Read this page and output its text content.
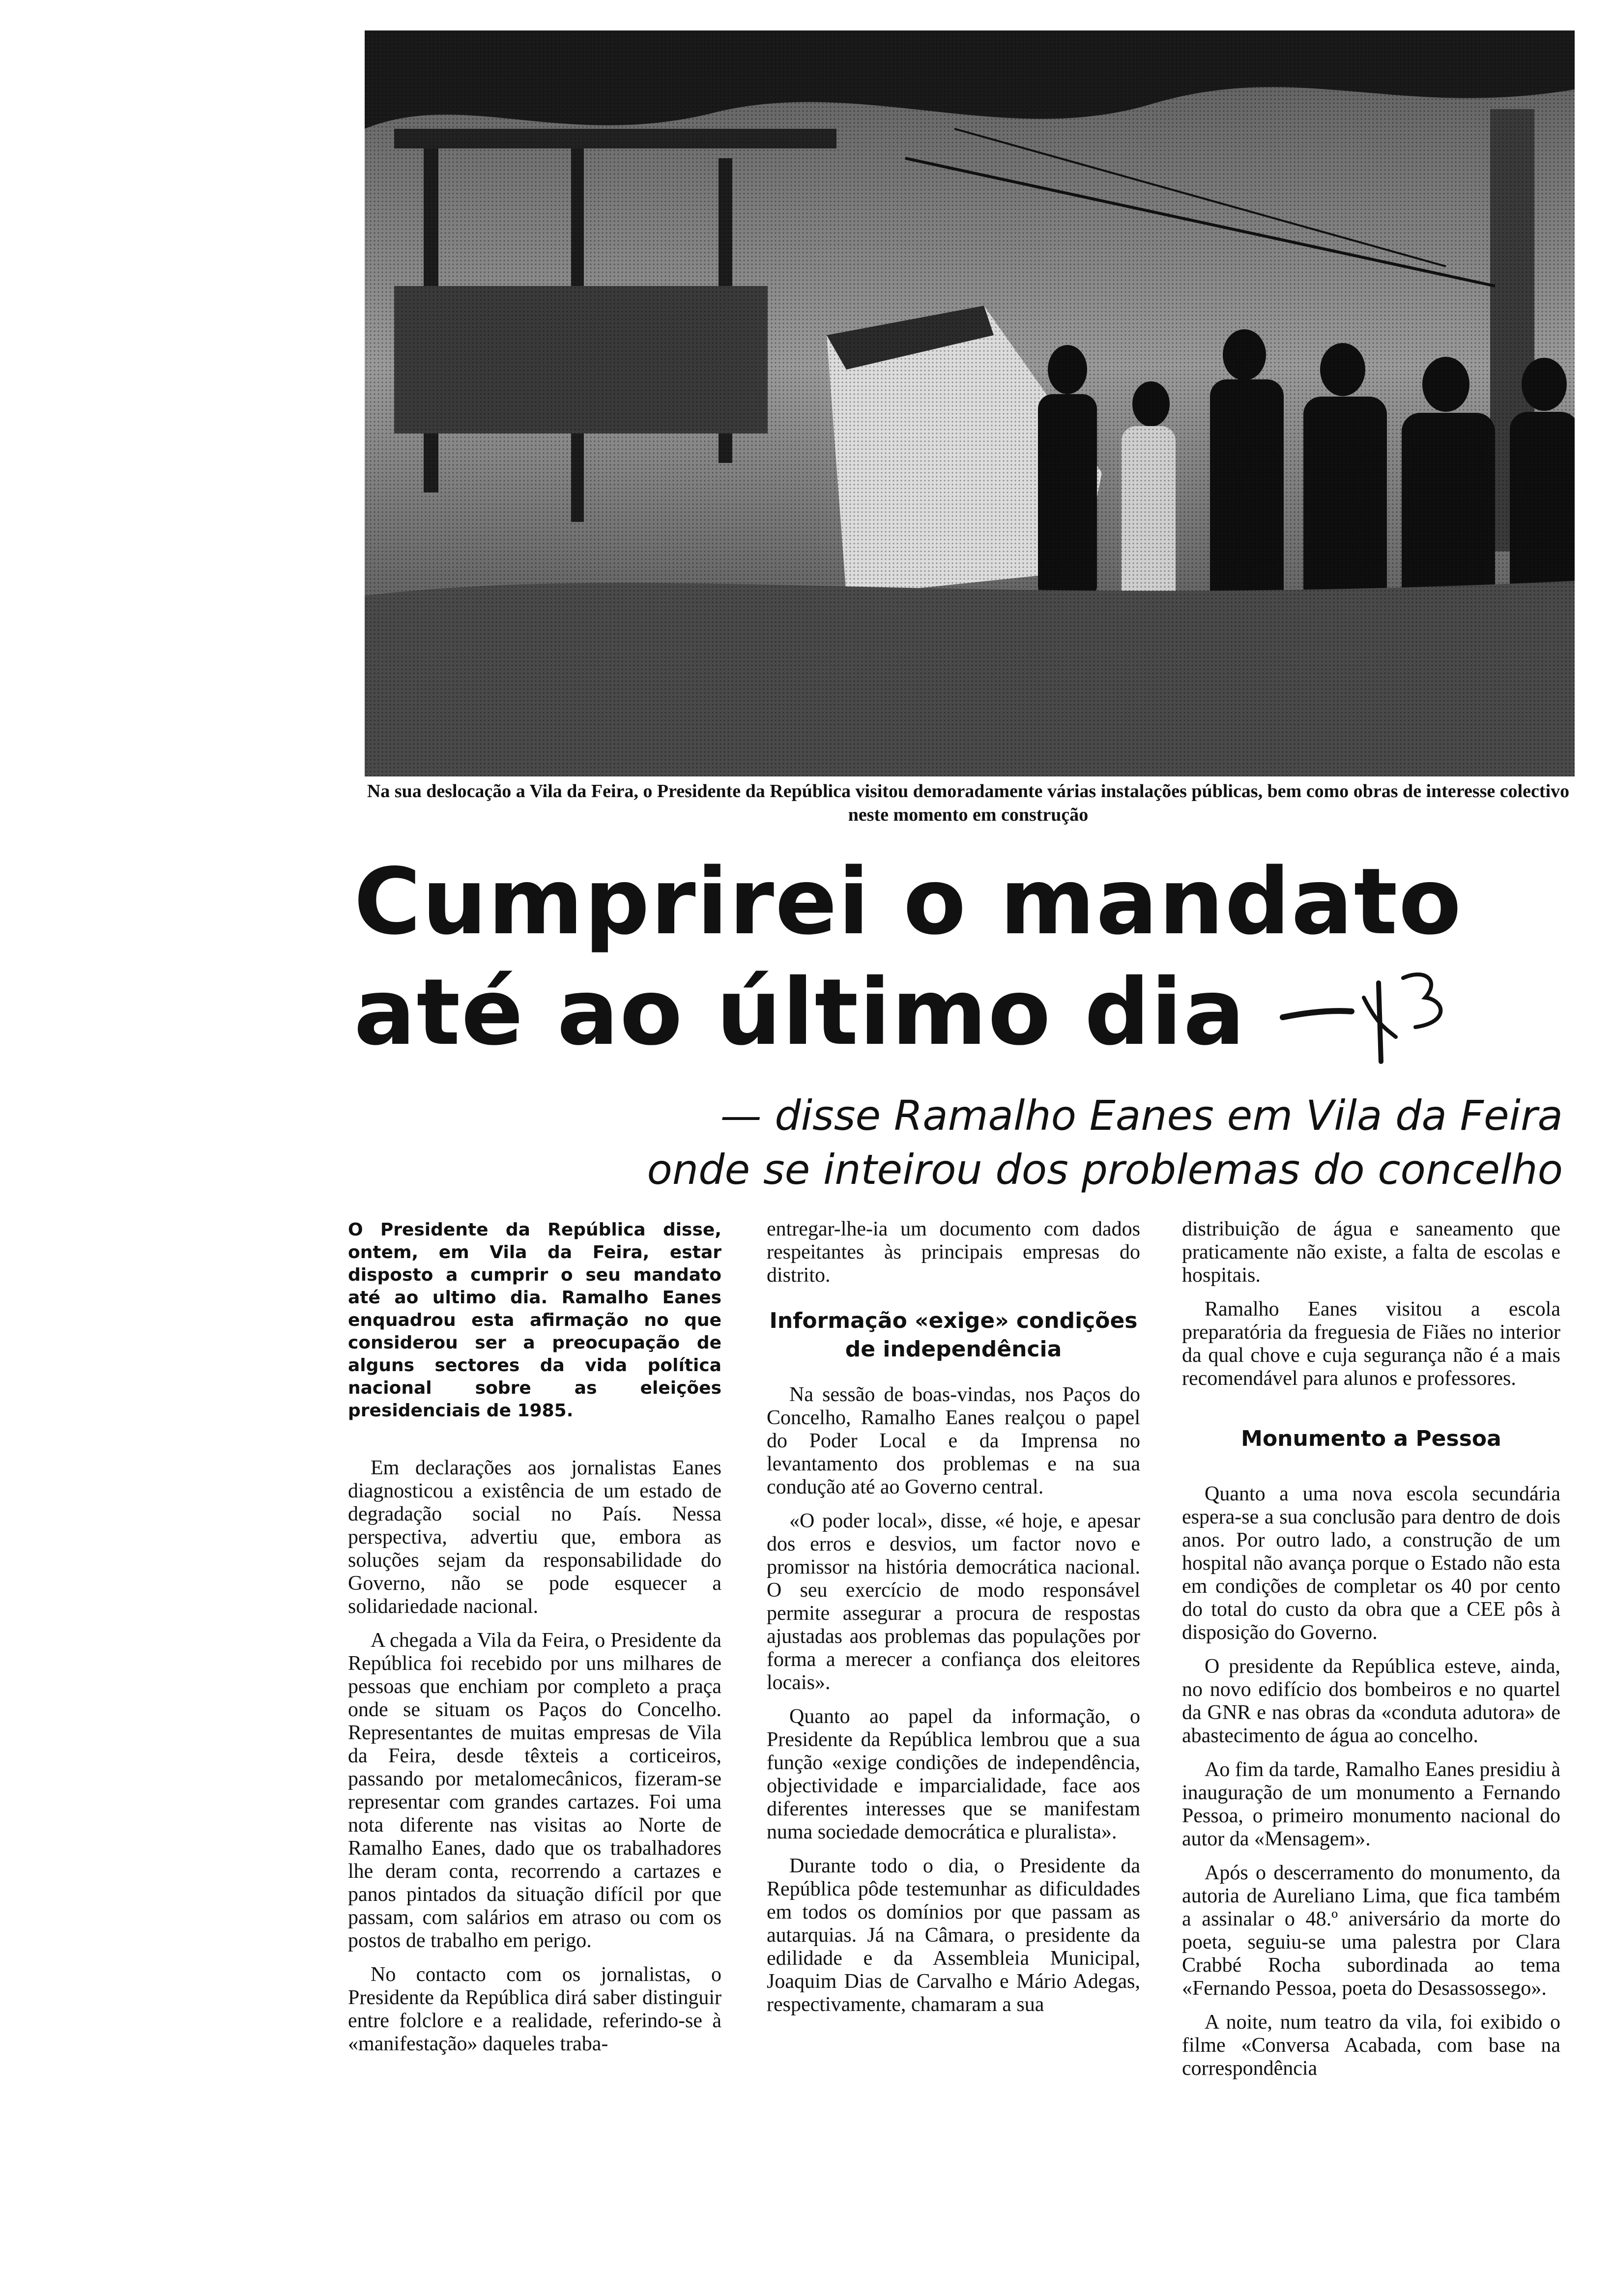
Na sua deslocação a Vila da Feira, o Presidente da República visitou demoradamente várias instalações públicas, bem como obras de interesse colectivo neste momento em construção
Cumprirei o mandato
até ao último dia
— disse Ramalho Eanes em Vila da Feira
onde se inteirou dos problemas do concelho
O Presidente da República disse, ontem, em Vila da Feira, estar disposto a cumprir o seu mandato até ao ultimo dia. Ramalho Eanes enquadrou esta afirmação no que considerou ser a preocupação de alguns sectores da vida política nacional sobre as eleições presidenciais de 1985.

Em declarações aos jornalistas Eanes diagnosticou a existência de um estado de degradação social no País. Nessa perspectiva, advertiu que, embora as soluções sejam da responsabilidade do Governo, não se pode esquecer a solidariedade nacional.

A chegada a Vila da Feira, o Presidente da República foi recebido por uns milhares de pessoas que enchiam por completo a praça onde se situam os Paços do Concelho. Representantes de muitas empresas de Vila da Feira, desde têxteis a corticeiros, passando por metalomecânicos, fizeram-se representar com grandes cartazes. Foi uma nota diferente nas visitas ao Norte de Ramalho Eanes, dado que os trabalhadores lhe deram conta, recorrendo a cartazes e panos pintados da situação difícil por que passam, com salários em atraso ou com os postos de trabalho em perigo.

No contacto com os jornalistas, o Presidente da República dirá saber distinguir entre folclore e a realidade, referindo-se à «manifestação» daqueles traba-

entregar-lhe-ia um documento com dados respeitantes às principais empresas do distrito.

Informação «exige» condições de independência

Na sessão de boas-vindas, nos Paços do Concelho, Ramalho Eanes realçou o papel do Poder Local e da Imprensa no levantamento dos problemas e na sua condução até ao Governo central.

«O poder local», disse, «é hoje, e apesar dos erros e desvios, um factor novo e promissor na história democrática nacional. O seu exercício de modo responsável permite assegurar a procura de respostas ajustadas aos problemas das populações por forma a merecer a confiança dos eleitores locais».

Quanto ao papel da informação, o Presidente da República lembrou que a sua função «exige condições de independência, objectividade e imparcialidade, face aos diferentes interesses que se manifestam numa sociedade democrática e pluralista».

Durante todo o dia, o Presidente da República pôde testemunhar as dificuldades em todos os domínios por que passam as autarquias. Já na Câmara, o presidente da edilidade e da Assembleia Municipal, Joaquim Dias de Carvalho e Mário Adegas, respectivamente, chamaram a sua

distribuição de água e saneamento que praticamente não existe, a falta de escolas e hospitais.

Ramalho Eanes visitou a escola preparatória da freguesia de Fiães no interior da qual chove e cuja segurança não é a mais recomendável para alunos e professores.

Monumento a Pessoa

Quanto a uma nova escola secundária espera-se a sua conclusão para dentro de dois anos. Por outro lado, a construção de um hospital não avança porque o Estado não esta em condições de completar os 40 por cento do total do custo da obra que a CEE pôs à disposição do Governo.

O presidente da República esteve, ainda, no novo edifício dos bombeiros e no quartel da GNR e nas obras da «conduta adutora» de abastecimento de água ao concelho.

Ao fim da tarde, Ramalho Eanes presidiu à inauguração de um monumento a Fernando Pessoa, o primeiro monumento nacional do autor da «Mensagem».

Após o descerramento do monumento, da autoria de Aureliano Lima, que fica também a assinalar o 48.º aniversário da morte do poeta, seguiu-se uma palestra por Clara Crabbé Rocha subordinada ao tema «Fernando Pessoa, poeta do Desassossego».

A noite, num teatro da vila, foi exibido o filme «Conversa Acabada, com base na correspondência
